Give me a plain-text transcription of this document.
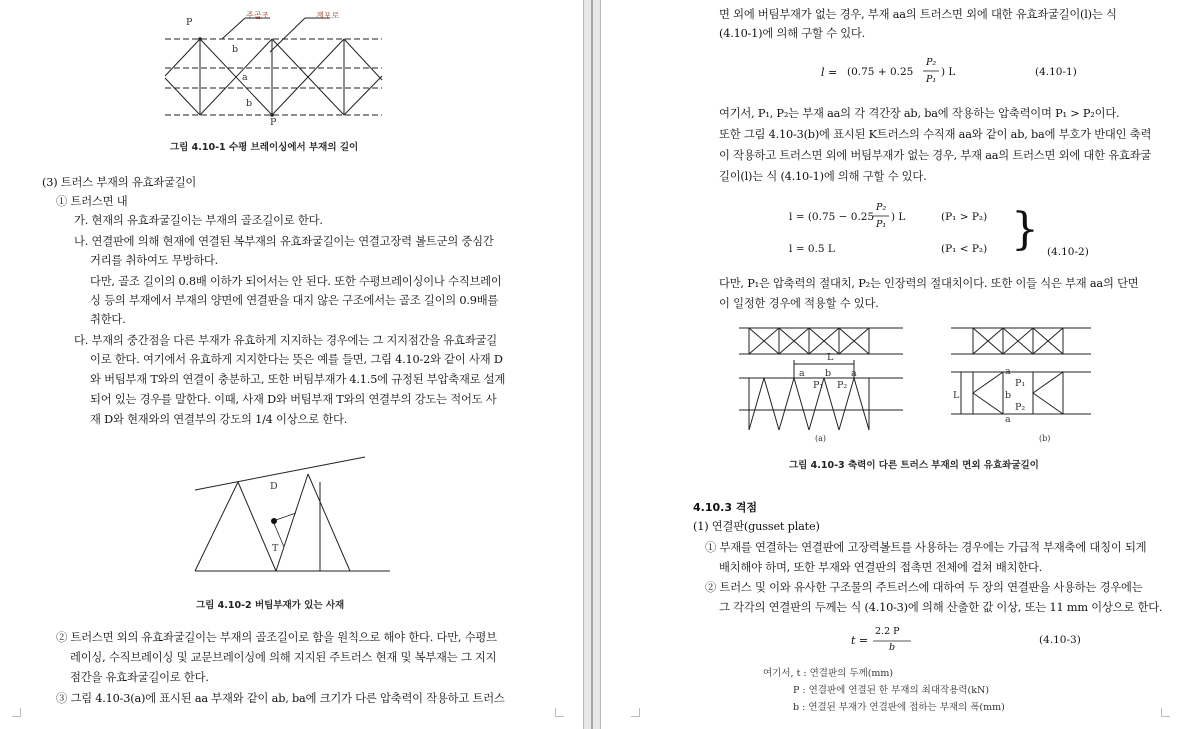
P
P
b
a
b
주골조	계포로
그림 4.10-1 수평 브레이싱에서 부재의 길이
(3) 트러스 부재의 유효좌굴길이
① 트러스면 내
가. 현재의 유효좌굴길이는 부재의 골조길이로 한다.
나. 연결판에 의해 현재에 연결된 복부재의 유효좌굴길이는 연결고장력 볼트군의 중심간
거리를 취하여도 무방하다.
다만, 골조 길이의 0.8배 이하가 되어서는 안 된다. 또한 수평브레이싱이나 수직브레이
싱 등의 부재에서 부재의 양면에 연결판을 대지 않은 구조에서는 골조 길이의 0.9배를
취한다.
다. 부재의 중간점을 다른 부재가 유효하게 지지하는 경우에는 그 지지점간을 유효좌굴길
이로 한다. 여기에서 유효하게 지지한다는 뜻은 예를 들면, 그림 4.10-2와 같이 사재 D
와 버팀부재 T와의 연결이 충분하고, 또한 버팀부재가 4.1.5에 규정된 부압축재로 설계
되어 있는 경우를 말한다. 이때, 사재 D와 버팀부재 T와의 연결부의 강도는 적어도 사
재 D와 현재와의 연결부의 강도의 1/4 이상으로 한다.
D
T
그림 4.10-2 버팀부재가 있는 사재
② 트러스면 외의 유효좌굴길이는 부재의 골조길이로 함을 원칙으로 해야 한다. 다만, 수평브
레이싱, 수직브레이싱 및 교문브레이싱에 의해 지지된 주트러스 현재 및 복부재는 그 지지
점간을 유효좌굴길이로 한다.
③ 그림 4.10-3(a)에 표시된 aa 부재와 같이 ab, ba에 크기가 다른 압축력이 작용하고 트러스
면 외에 버팀부재가 없는 경우, 부재 aa의 트러스면 외에 대한 유효좌굴길이(l)는 식
(4.10-1)에 의해 구할 수 있다.
l = (0.75 + 0.25
P₂
P₁
) L	(4.10-1)
여기서, P₁, P₂는 부재 aa의 각 격간장 ab, ba에 작용하는 압축력이며 P₁ > P₂이다.
또한 그림 4.10-3(b)에 표시된 K트러스의 수직재 aa와 같이 ab, ba에 부호가 반대인 축력
이 작용하고 트러스면 외에 버팀부재가 없는 경우, 부재 aa의 트러스면 외에 대한 유효좌굴
길이(l)는 식 (4.10-1)에 의해 구할 수 있다.
l = (0.75 − 0.25
P₂
P₁
) L	(P₁ > P₂)
l = 0.5 L	(P₁ < P₂) } (4.10-2)
다만, P₁은 압축력의 절대치, P₂는 인장력의 절대치이다. 또한 이들 식은 부재 aa의 단면
이 일정한 경우에 적용할 수 있다.
L
a b a
P₁ P₂
L
a
P₁
b
P₂
a
(a)	(b)
그림 4.10-3 축력이 다른 트러스 부재의 면외 유효좌굴길이
4.10.3 격점
(1) 연결판(gusset plate)
① 부재를 연결하는 연결판에 고장력볼트를 사용하는 경우에는 가급적 부재축에 대칭이 되게
배치해야 하며, 또한 부재와 연결판의 접촉면 전체에 걸쳐 배치한다.
② 트러스 및 이와 유사한 구조물의 주트러스에 대하여 두 장의 연결판을 사용하는 경우에는
그 각각의 연결판의 두께는 식 (4.10-3)에 의해 산출한 값 이상, 또는 11 mm 이상으로 한다.
t =
2.2 P
b
(4.10-3)
여기서, t : 연결판의 두께(mm)
P : 연결판에 연결된 한 부재의 최대작용력(kN)
b : 연결된 부재가 연결판에 접하는 부재의 폭(mm)
